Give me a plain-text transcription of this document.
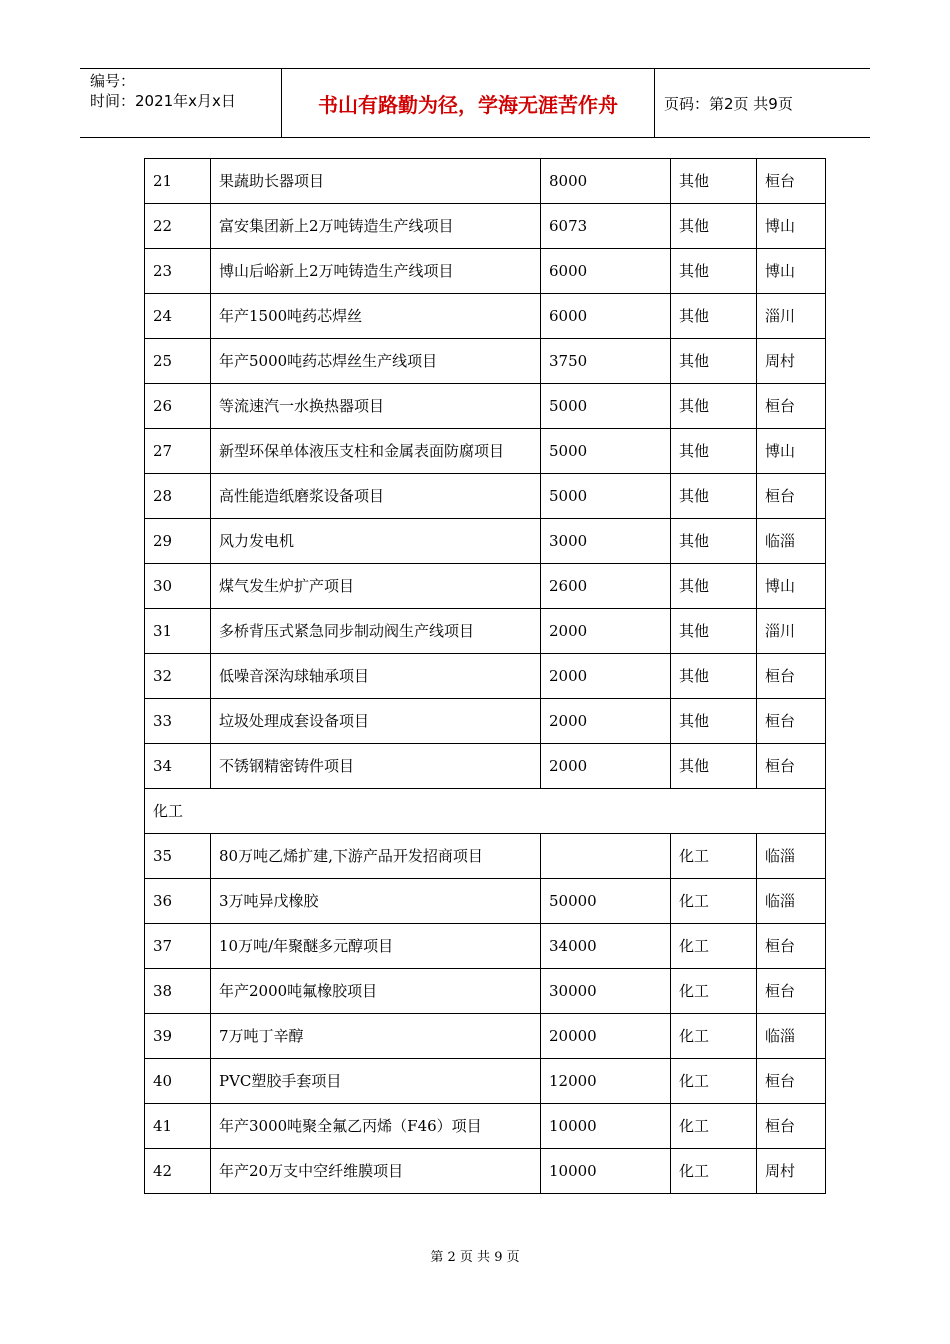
编号：
时间：2021年x月x日	书山有路勤为径，学海无涯苦作舟	页码：第2页 共9页
21	果蔬助长器项目	8000	其他	桓台
22	富安集团新上2万吨铸造生产线项目	6073	其他	博山
23	博山后峪新上2万吨铸造生产线项目	6000	其他	博山
24	年产1500吨药芯焊丝	6000	其他	淄川
25	年产5000吨药芯焊丝生产线项目	3750	其他	周村
26	等流速汽一水换热器项目	5000	其他	桓台
27	新型环保单体液压支柱和金属表面防腐项目	5000	其他	博山
28	高性能造纸磨浆设备项目	5000	其他	桓台
29	风力发电机	3000	其他	临淄
30	煤气发生炉扩产项目	2600	其他	博山
31	多桥背压式紧急同步制动阀生产线项目	2000	其他	淄川
32	低噪音深沟球轴承项目	2000	其他	桓台
33	垃圾处理成套设备项目	2000	其他	桓台
34	不锈钢精密铸件项目	2000	其他	桓台
化工				
35	80万吨乙烯扩建,下游产品开发招商项目		化工	临淄
36	3万吨异戊橡胶	50000	化工	临淄
37	10万吨/年聚醚多元醇项目	34000	化工	桓台
38	年产2000吨氟橡胶项目	30000	化工	桓台
39	7万吨丁辛醇	20000	化工	临淄
40	PVC塑胶手套项目	12000	化工	桓台
41	年产3000吨聚全氟乙丙烯（F46）项目	10000	化工	桓台
42	年产20万支中空纤维膜项目	10000	化工	周村
第 2 页 共 9 页
